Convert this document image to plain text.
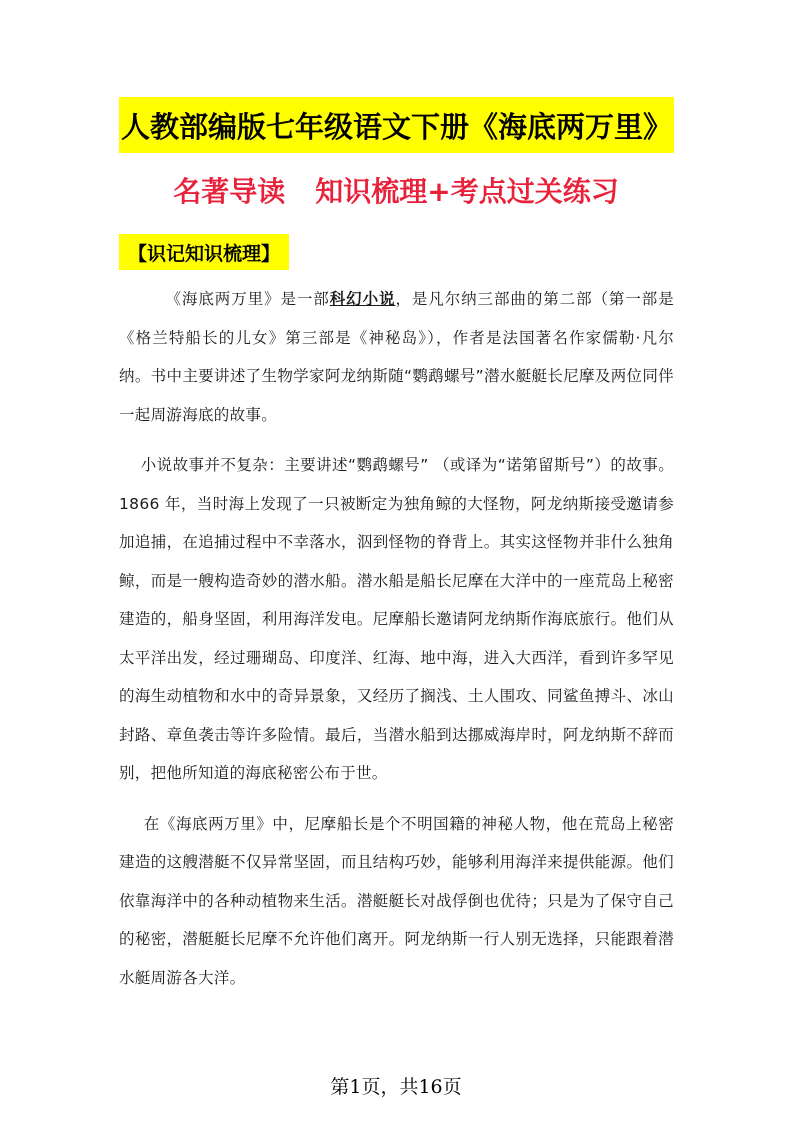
人教部编版七年级语文下册《海底两万里》
名著导读 知识梳理+考点过关练习
【识记知识梳理】

《海底两万里》是一部科幻小说，是凡尔纳三部曲的第二部（第一部是《格兰特船长的儿女》第三部是《神秘岛》），作者是法国著名作家儒勒·凡尔纳。书中主要讲述了生物学家阿龙纳斯随“鹦鹉螺号”潜水艇艇长尼摩及两位同伴一起周游海底的故事。

小说故事并不复杂：主要讲述“鹦鹉螺号” （或译为“诺第留斯号”）的故事。1866 年，当时海上发现了一只被断定为独角鲸的大怪物，阿龙纳斯接受邀请参加追捕，在追捕过程中不幸落水，泅到怪物的脊背上。其实这怪物并非什么独角鲸，而是一艘构造奇妙的潜水船。潜水船是船长尼摩在大洋中的一座荒岛上秘密建造的，船身坚固，利用海洋发电。尼摩船长邀请阿龙纳斯作海底旅行。他们从太平洋出发，经过珊瑚岛、印度洋、红海、地中海，进入大西洋，看到许多罕见的海生动植物和水中的奇异景象，又经历了搁浅、土人围攻、同鲨鱼搏斗、冰山封路、章鱼袭击等许多险情。最后，当潜水船到达挪威海岸时，阿龙纳斯不辞而别，把他所知道的海底秘密公布于世。

在《海底两万里》中，尼摩船长是个不明国籍的神秘人物，他在荒岛上秘密建造的这艘潜艇不仅异常坚固，而且结构巧妙，能够利用海洋来提供能源。他们依靠海洋中的各种动植物来生活。潜艇艇长对战俘倒也优待；只是为了保守自己的秘密，潜艇艇长尼摩不允许他们离开。阿龙纳斯一行人别无选择，只能跟着潜水艇周游各大洋。

第1页，共16页
